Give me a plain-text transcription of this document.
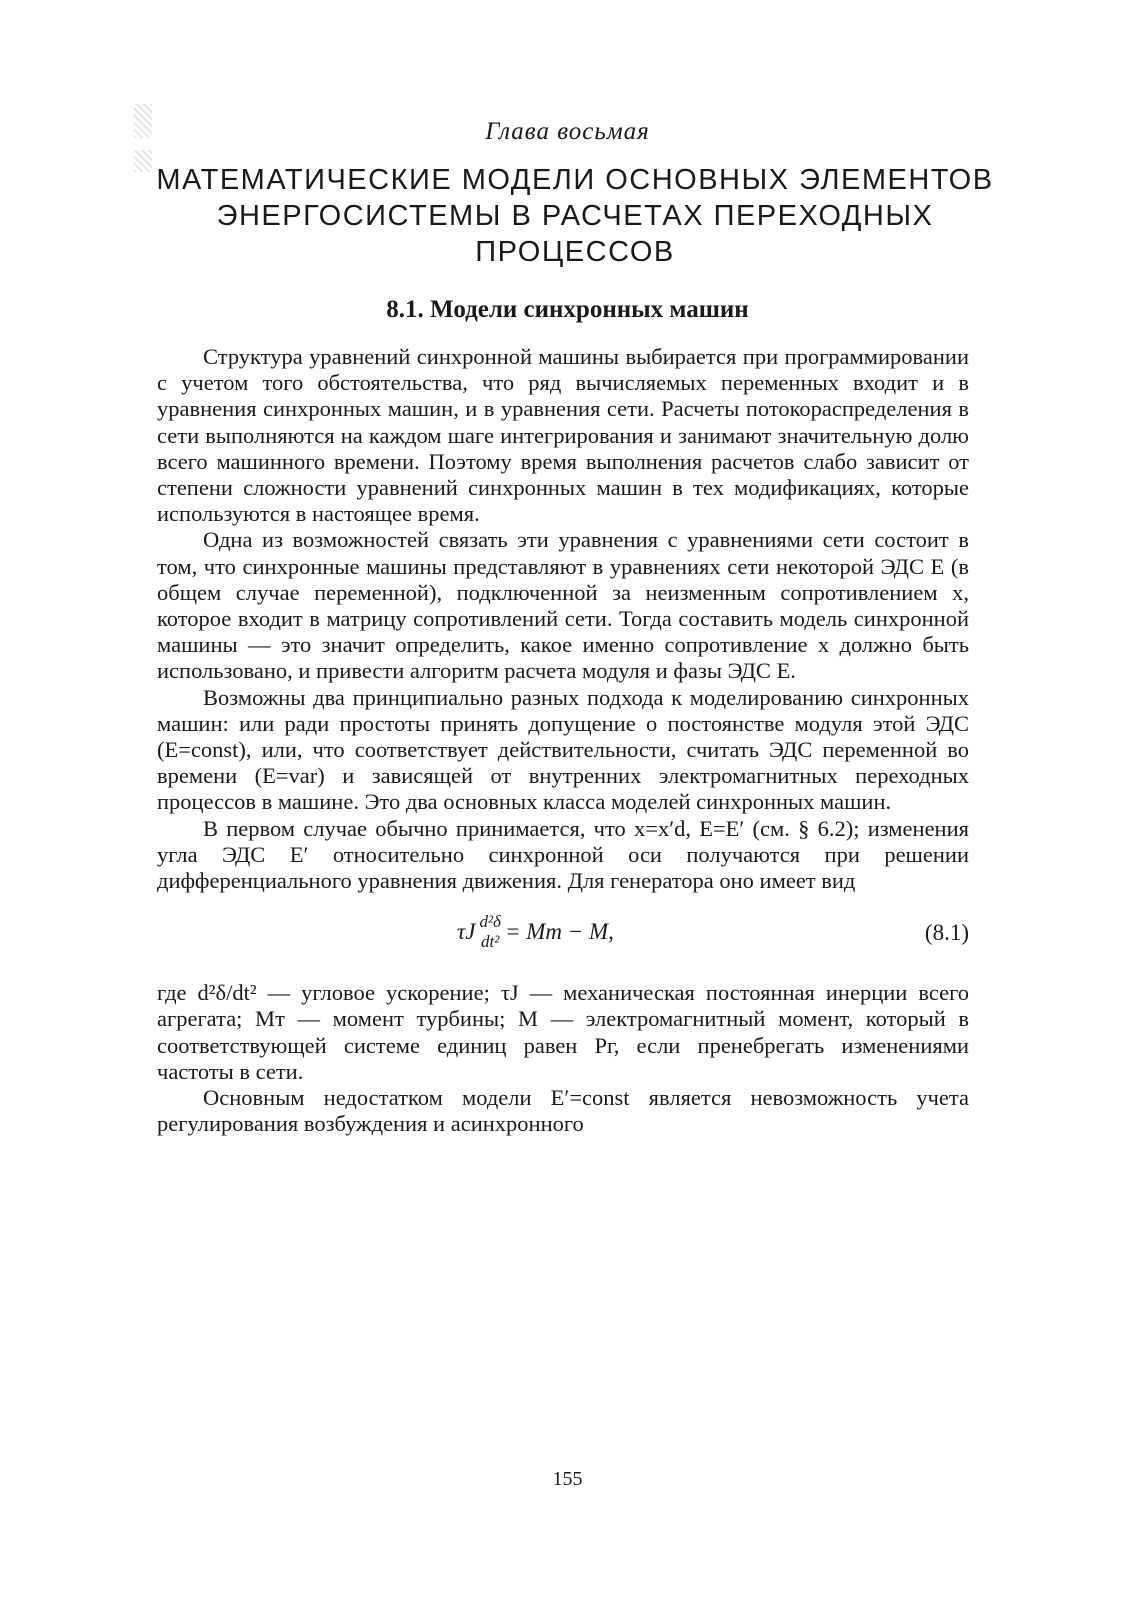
Глава восьмая
МАТЕМАТИЧЕСКИЕ МОДЕЛИ ОСНОВНЫХ ЭЛЕМЕНТОВ
ЭНЕРГОСИСТЕМЫ В РАСЧЕТАХ ПЕРЕХОДНЫХ
ПРОЦЕССОВ
8.1. Модели синхронных машин

Структура уравнений синхронной машины выбирается при программировании с учетом того обстоятельства, что ряд вычисляемых переменных входит и в уравнения синхронных машин, и в уравнения сети. Расчеты потокораспределения в сети выполняются на каждом шаге интегрирования и занимают значительную долю всего машинного времени. Поэтому время выполнения расчетов слабо зависит от степени сложности уравнений синхронных машин в тех модификациях, которые используются в настоящее время.

Одна из возможностей связать эти уравнения с уравнениями сети состоит в том, что синхронные машины представляют в уравнениях сети некоторой ЭДС E (в общем случае переменной), подключенной за неизменным сопротивлением x, которое входит в матрицу сопротивлений сети. Тогда составить модель синхронной машины — это значит определить, какое именно сопротивление x должно быть использовано, и привести алгоритм расчета модуля и фазы ЭДС E.

Возможны два принципиально разных подхода к моделированию синхронных машин: или ради простоты принять допущение о постоянстве модуля этой ЭДС (E=const), или, что соответствует действительности, считать ЭДС переменной во времени (E=var) и зависящей от внутренних электромагнитных переходных процессов в машине. Это два основных класса моделей синхронных машин.

В первом случае обычно принимается, что x=x′d, E=E′ (см. § 6.2); изменения угла ЭДС E′ относительно синхронной оси получаются при решении дифференциального уравнения движения. Для генератора оно имеет вид

τJ d²δ
dt² = Mт − M,	(8.1)

где d²δ/dt² — угловое ускорение; τJ — механическая постоянная инерции всего агрегата; Mт — момент турбины; M — электромагнитный момент, который в соответствующей системе единиц равен Pг, если пренебрегать изменениями частоты в сети.

Основным недостатком модели E′=const является невозможность учета регулирования возбуждения и асинхронного

155
